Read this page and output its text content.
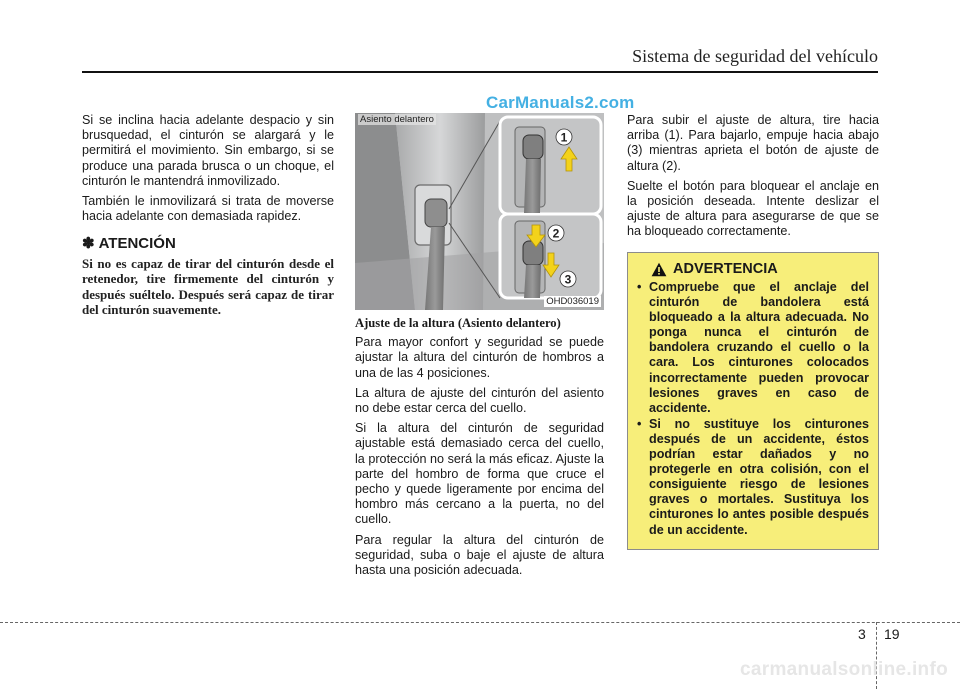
Sistema de seguridad del vehículo
CarManuals2.com

Si se inclina hacia adelante despacio y sin brusquedad, el cinturón se alargará y le permitirá el movimiento. Sin embargo, si se produce una parada brusca o un choque, el cinturón le mantendrá inmovilizado.

También le inmovilizará si trata de moverse hacia adelante con demasiada rapidez.

✽ ATENCIÓN
Si no es capaz de tirar del cinturón desde el retenedor, tire firmemente del cinturón y después suéltelo. Después será capaz de tirar del cinturón suavemente.
1
2
3
Asiento delantero
OHD036019

Ajuste de la altura (Asiento delantero)

Para mayor confort y seguridad se puede ajustar la altura del cinturón de hombros a una de las 4 posiciones.

La altura de ajuste del cinturón del asiento no debe estar cerca del cuello.

Si la altura del cinturón de seguridad ajustable está demasiado cerca del cuello, la protección no será la más eficaz. Ajuste la parte del hombro de forma que cruce el pecho y quede ligeramente por encima del hombro más cercano a la puerta, no del cuello.

Para regular la altura del cinturón de seguridad, suba o baje el ajuste de altura hasta una posición adecuada.

Para subir el ajuste de altura, tire hacia arriba (1). Para bajarlo, empuje hacia abajo (3) mientras aprieta el botón de ajuste de altura (2).

Suelte el botón para bloquear el anclaje en la posición deseada. Intente deslizar el ajuste de altura para asegurarse de que se ha bloqueado correctamente.

ADVERTENCIA
• Compruebe que el anclaje del cinturón de bandolera está bloqueado a la altura adecuada. No ponga nunca el cinturón de bandolera cruzando el cuello o la cara. Los cinturones colocados incorrectamente pueden provocar lesiones graves en caso de accidente.
• Si no sustituye los cinturones después de un accidente, éstos podrían estar dañados y no protegerle en otra colisión, con el consiguiente riesgo de lesiones graves o mortales. Sustituya los cinturones lo antes posible después de un accidente.
3 19
carmanualsonline.info
